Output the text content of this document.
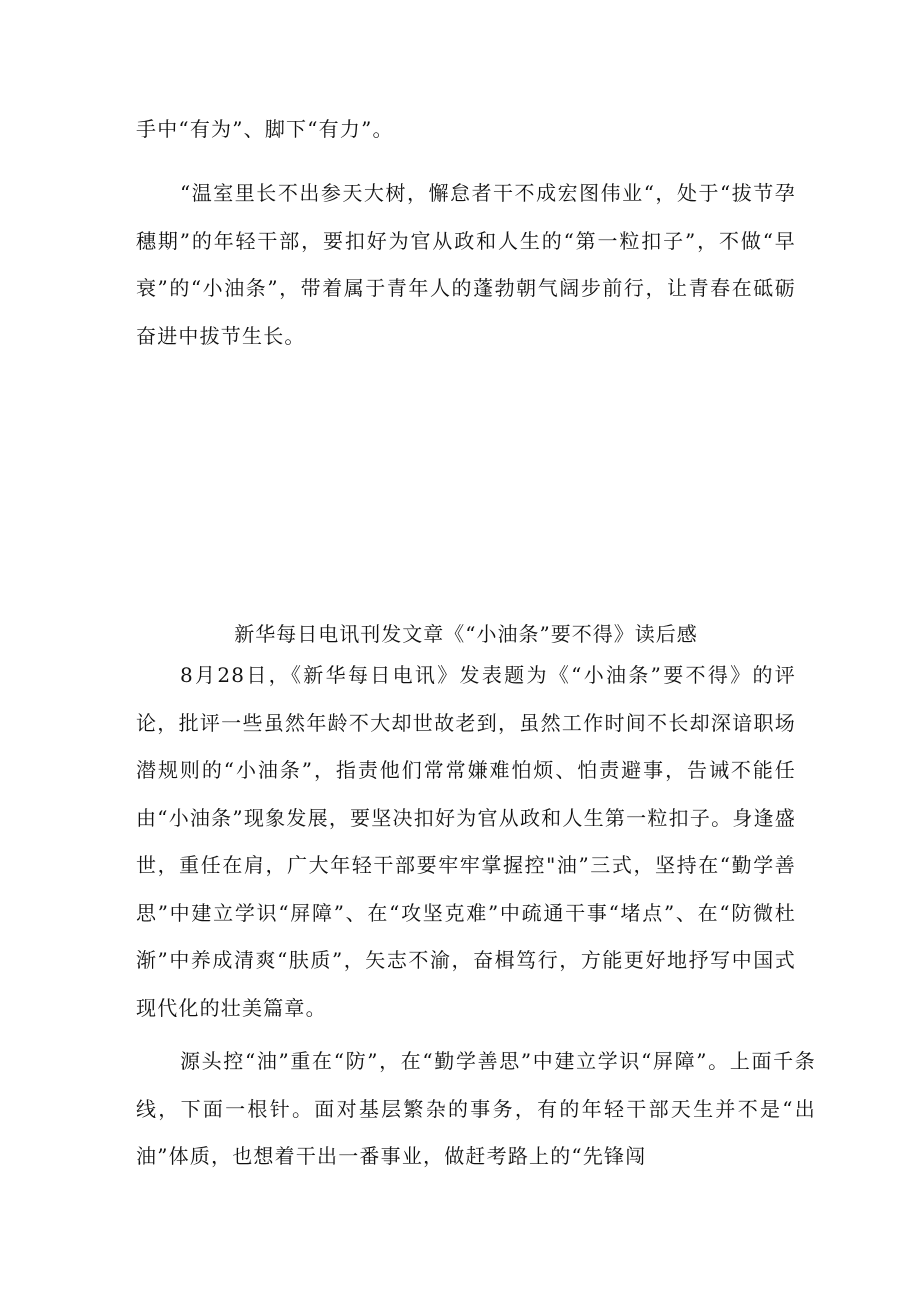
手中“有为”、脚下“有力”。

“温室里长不出参天大树，懈怠者干不成宏图伟业“，处于“拔节孕穗期”的年轻干部，要扣好为官从政和人生的“第一粒扣子”，不做“早衰”的“小油条”，带着属于青年人的蓬勃朝气阔步前行，让青春在砥砺奋进中拔节生长。

新华每日电讯刊发文章《“小油条”要不得》读后感

8月28日，《新华每日电讯》发表题为《“小油条”要不得》的评论，批评一些虽然年龄不大却世故老到，虽然工作时间不长却深谙职场潜规则的“小油条”，指责他们常常嫌难怕烦、怕责避事，告诫不能任由“小油条”现象发展，要坚决扣好为官从政和人生第一粒扣子。身逢盛世，重任在肩，广大年轻干部要牢牢掌握控"油”三式，坚持在“勤学善思”中建立学识“屏障”、在“攻坚克难”中疏通干事“堵点”、在“防微杜渐”中养成清爽“肤质”，矢志不渝，奋楫笃行，方能更好地抒写中国式现代化的壮美篇章。

源头控“油”重在“防”，在“勤学善思”中建立学识“屏障”。上面千条线，下面一根针。面对基层繁杂的事务，有的年轻干部天生并不是“出油”体质，也想着干出一番事业，做赶考路上的“先锋闯
